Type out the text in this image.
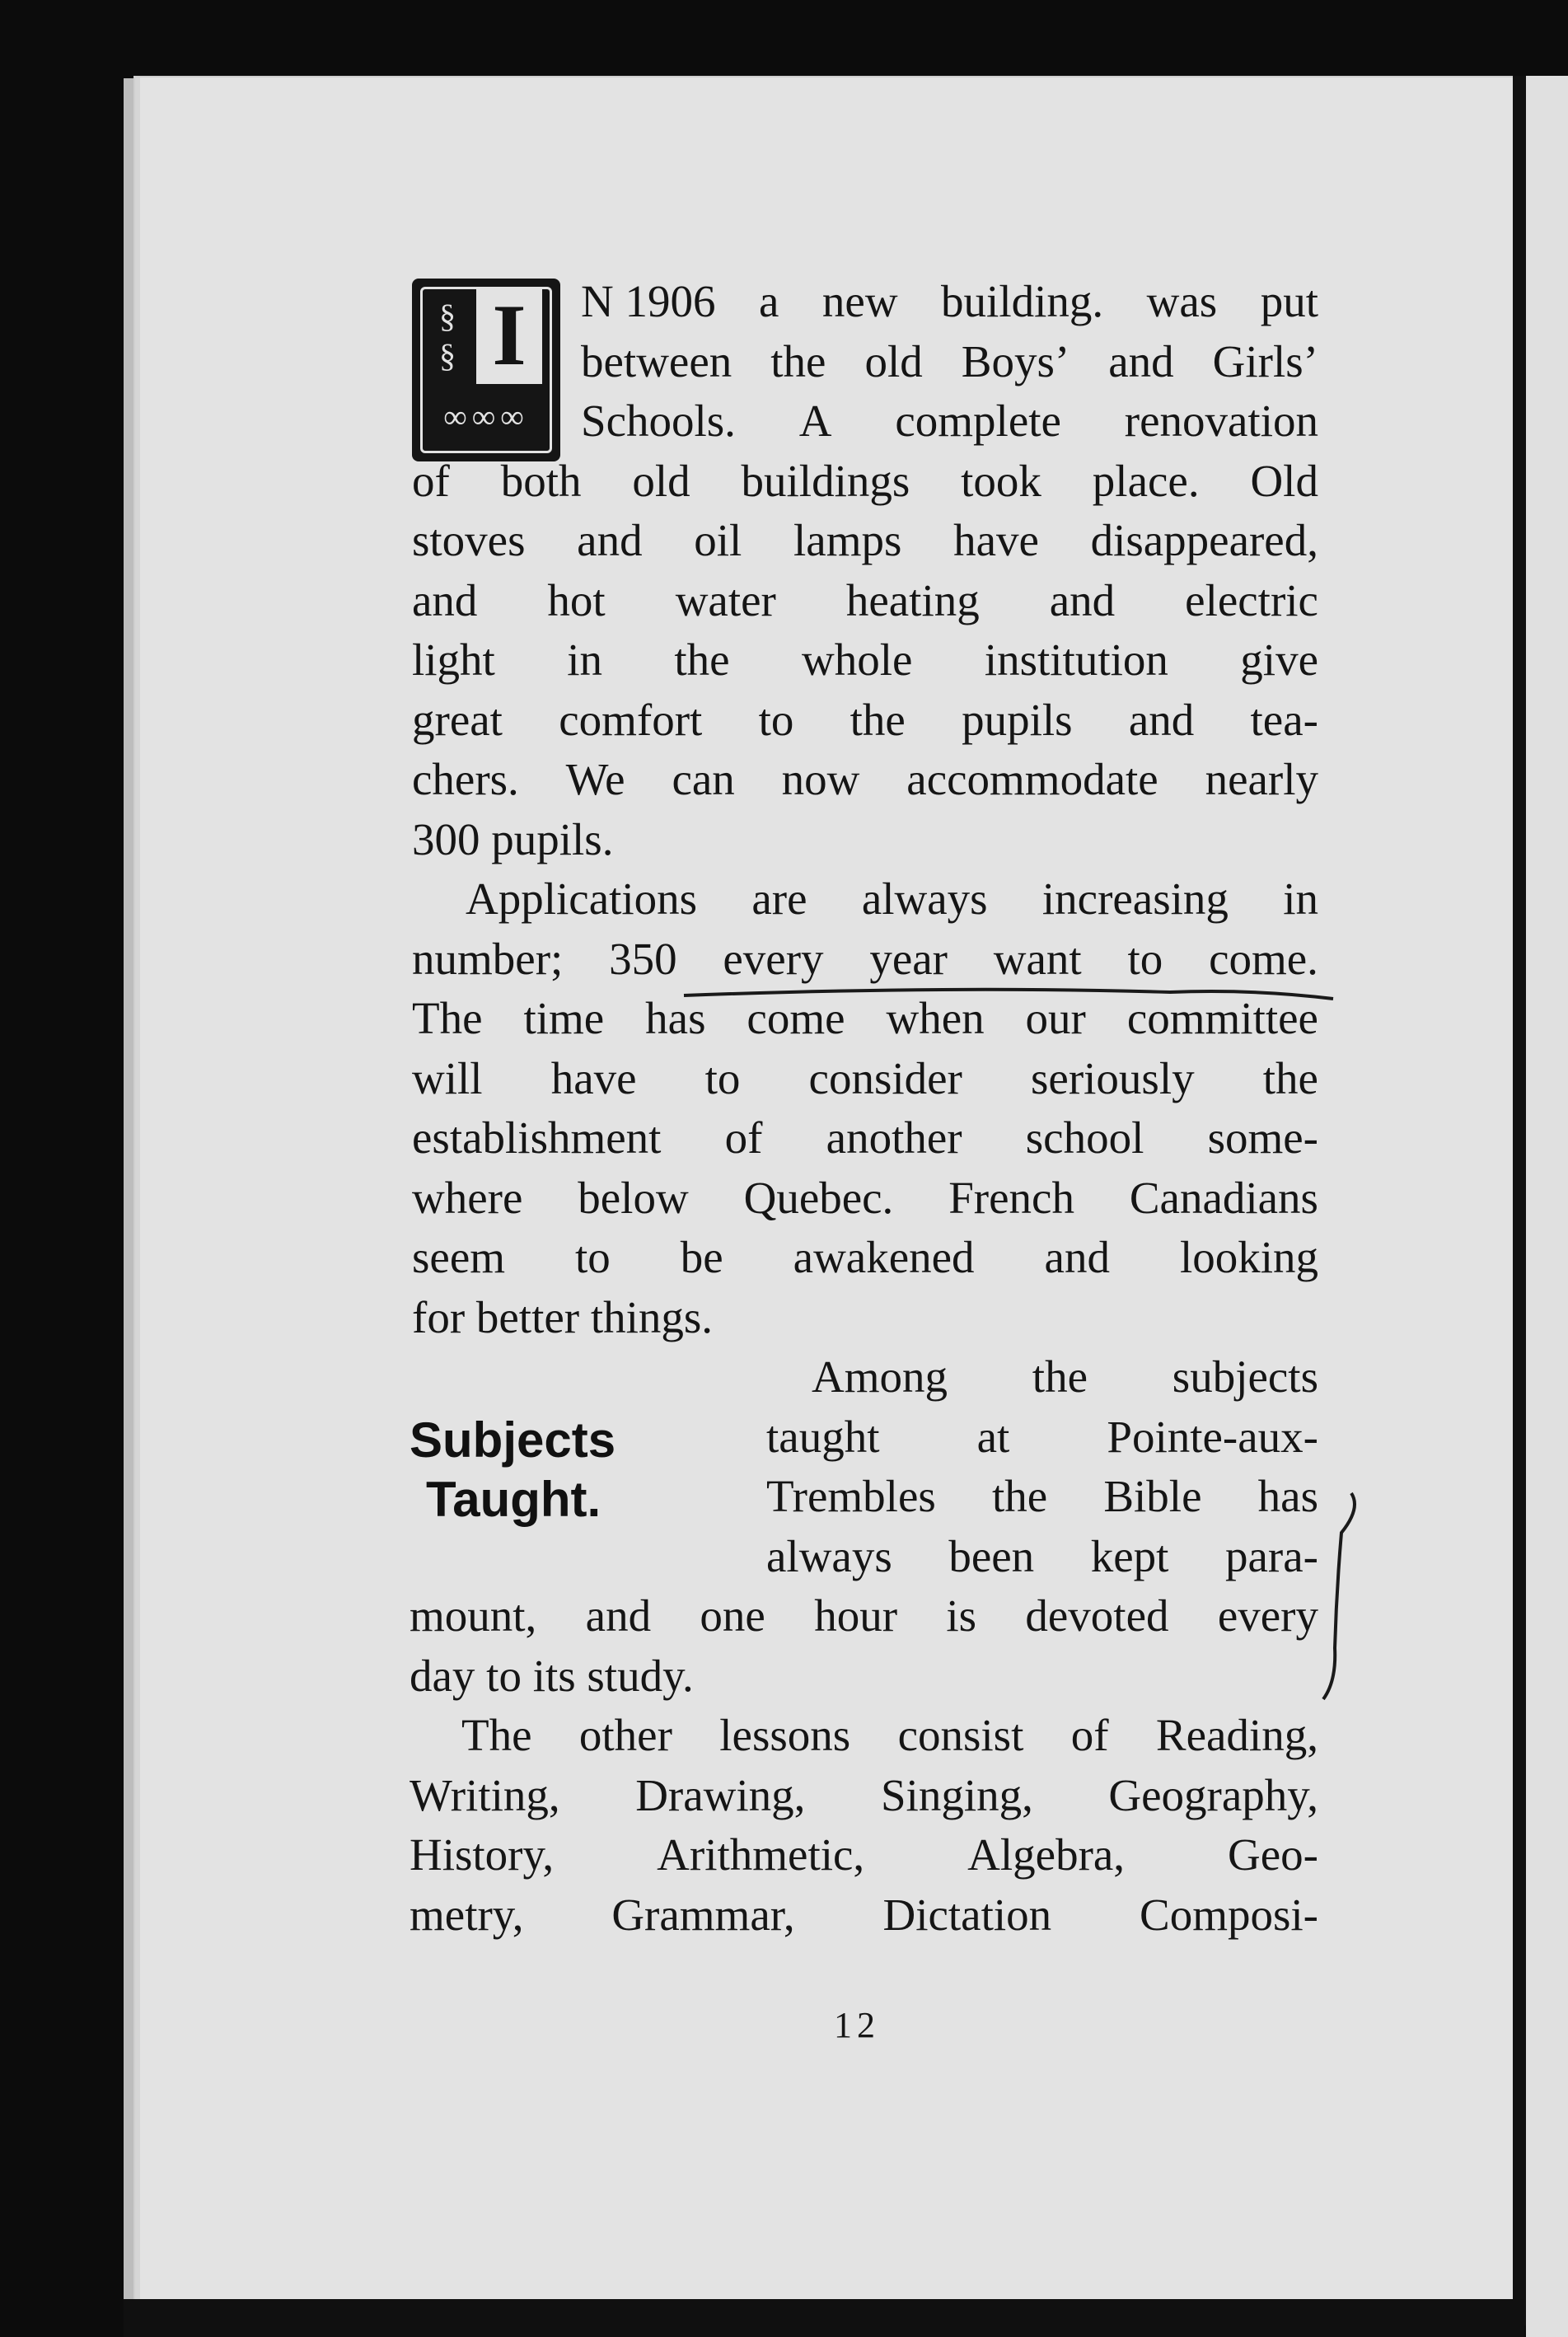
§
§ I
∞∞∞
N 1906 a new building. was put
between the old Boys’ and Girls’
Schools. A complete renovation
of both old buildings took place. Old
stoves and oil lamps have disappeared,
and hot water heating and electric
light in the whole institution give
great comfort to the pupils and tea-
chers. We can now accommodate nearly
300 pupils.
Applications are always increasing in
number; 350 every year want to come.
The time has come when our committee
will have to consider seriously the
establishment of another school some-
where below Quebec. French Canadians
seem to be awakened and looking
for better things.
Among the subjects
taught at Pointe-aux-
Trembles the Bible has
always been kept para-
mount, and one hour is devoted every
day to its study.
The other lessons consist of Reading,
Writing, Drawing, Singing, Geography,
History, Arithmetic, Algebra, Geo-
metry, Grammar, Dictation Composi-
Subjects
Taught.
12
